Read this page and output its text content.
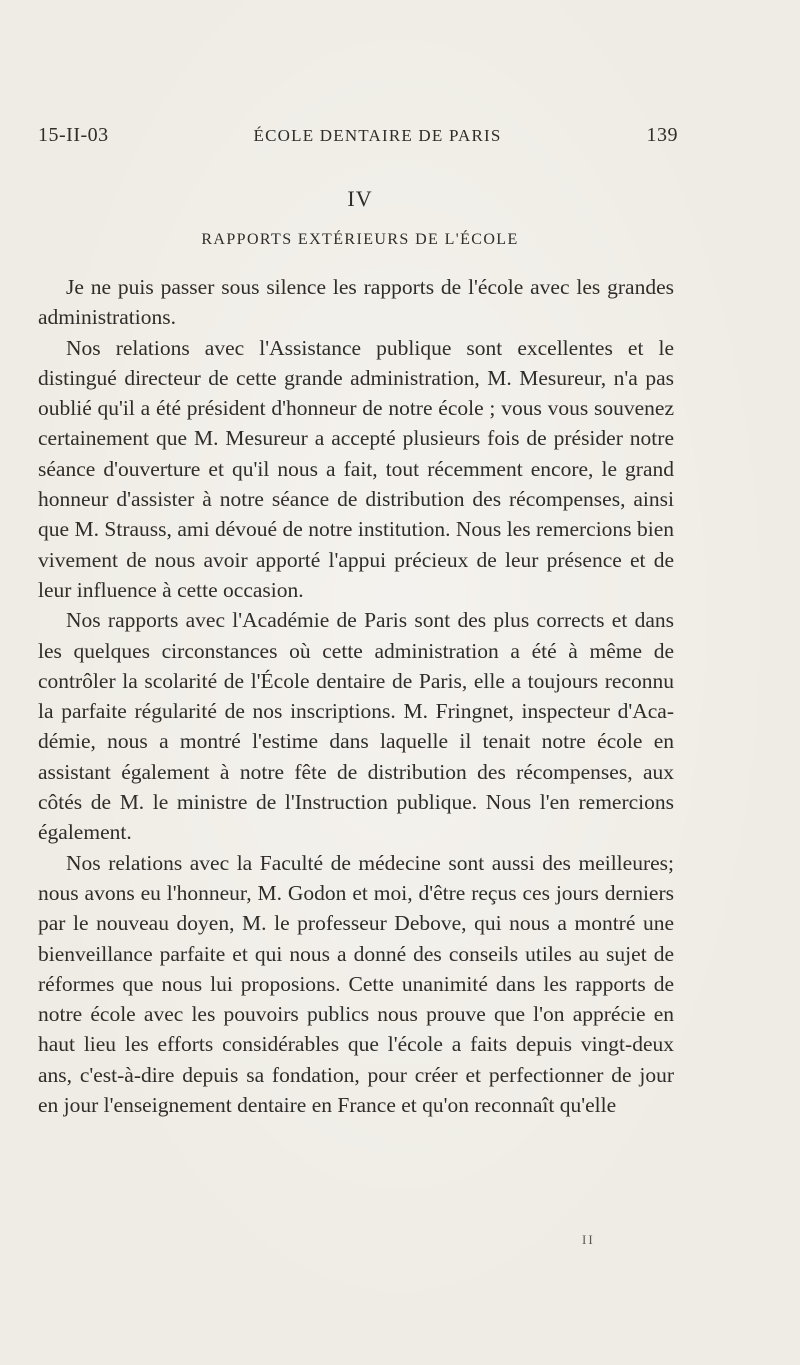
15-II-03	ÉCOLE DENTAIRE DE PARIS	139
IV
RAPPORTS EXTÉRIEURS DE L'ÉCOLE

Je ne puis passer sous silence les rapports de l'école avec les grandes administrations.

Nos relations avec l'Assistance publique sont excellentes et le distingué directeur de cette grande administration, M. Mesureur, n'a pas oublié qu'il a été président d'honneur de notre école ; vous vous souvenez certainement que M. Mesureur a accepté plusieurs fois de présider notre séance d'ouverture et qu'il nous a fait, tout récemment encore, le grand honneur d'assister à notre séance de distribution des récompenses, ainsi que M. Strauss, ami dévoué de notre institution. Nous les remercions bien vivement de nous avoir apporté l'appui précieux de leur présence et de leur influence à cette occasion.

Nos rapports avec l'Académie de Paris sont des plus corrects et dans les quelques circonstances où cette administration a été à même de contrôler la scolarité de l'École dentaire de Paris, elle a toujours reconnu la parfaite régularité de nos inscriptions. M. Fringnet, inspecteur d'Académie, nous a montré l'estime dans laquelle il tenait notre école en assistant également à notre fête de distribution des récompenses, aux côtés de M. le ministre de l'Instruction publique. Nous l'en remercions également.

Nos relations avec la Faculté de médecine sont aussi des meilleures; nous avons eu l'honneur, M. Godon et moi, d'être reçus ces jours derniers par le nouveau doyen, M. le professeur Debove, qui nous a montré une bienveillance parfaite et qui nous a donné des conseils utiles au sujet de réformes que nous lui proposions. Cette unanimité dans les rapports de notre école avec les pouvoirs publics nous prouve que l'on apprécie en haut lieu les efforts considérables que l'école a faits depuis vingt-deux ans, c'est-à-dire depuis sa fondation, pour créer et perfectionner de jour en jour l'enseignement dentaire en France et qu'on reconnaît qu'elle

II
